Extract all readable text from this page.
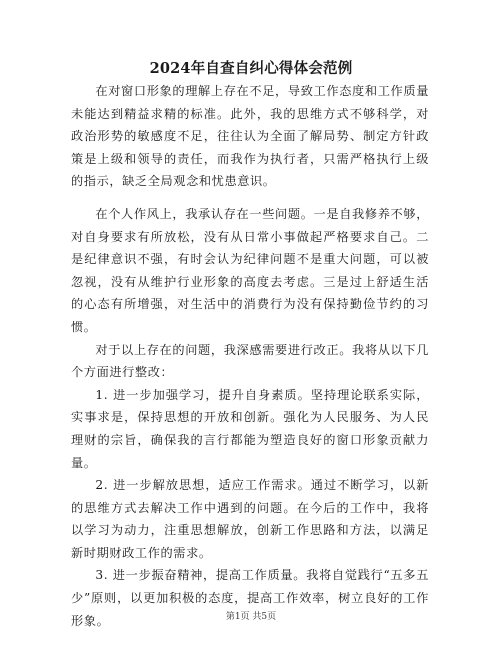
2024年自查自纠心得体会范例

在对窗口形象的理解上存在不足，导致工作态度和工作质量未能达到精益求精的标准。此外，我的思维方式不够科学，对政治形势的敏感度不足，往往认为全面了解局势、制定方针政策是上级和领导的责任，而我作为执行者，只需严格执行上级的指示，缺乏全局观念和忧患意识。

在个人作风上，我承认存在一些问题。一是自我修养不够，对自身要求有所放松，没有从日常小事做起严格要求自己。二是纪律意识不强，有时会认为纪律问题不是重大问题，可以被忽视，没有从维护行业形象的高度去考虑。三是过上舒适生活的心态有所增强，对生活中的消费行为没有保持勤俭节约的习惯。

对于以上存在的问题，我深感需要进行改正。我将从以下几个方面进行整改：

1. 进一步加强学习，提升自身素质。坚持理论联系实际，实事求是，保持思想的开放和创新。强化为人民服务、为人民理财的宗旨，确保我的言行都能为塑造良好的窗口形象贡献力量。

2. 进一步解放思想，适应工作需求。通过不断学习，以新的思维方式去解决工作中遇到的问题。在今后的工作中，我将以学习为动力，注重思想解放，创新工作思路和方法，以满足新时期财政工作的需求。

3. 进一步振奋精神，提高工作质量。我将自觉践行“五多五少”原则，以更加积极的态度，提高工作效率，树立良好的工作形象。	第1页 共5页
